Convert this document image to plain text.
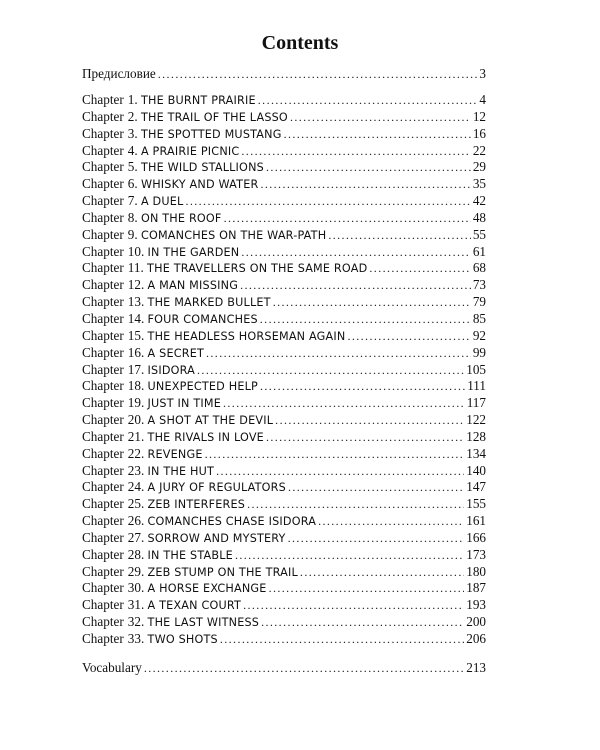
Contents
Предисловие .....	3
Chapter 1. THE BURNT PRAIRIE .....	4
Chapter 2. THE TRAIL OF THE LASSO .....	12
Chapter 3. THE SPOTTED MUSTANG .....	16
Chapter 4. A PRAIRIE PICNIC .....	22
Chapter 5. THE WILD STALLIONS .....	29
Chapter 6. WHISKY AND WATER .....	35
Chapter 7. A DUEL .....	42
Chapter 8. ON THE ROOF .....	48
Chapter 9. COMANCHES ON THE WAR-PATH .....	55
Chapter 10. IN THE GARDEN .....	61
Chapter 11. THE TRAVELLERS ON THE SAME ROAD .....	68
Chapter 12. A MAN MISSING .....	73
Chapter 13. THE MARKED BULLET .....	79
Chapter 14. FOUR COMANCHES .....	85
Chapter 15. THE HEADLESS HORSEMAN AGAIN .....	92
Chapter 16. A SECRET .....	99
Chapter 17. ISIDORA .....	105
Chapter 18. UNEXPECTED HELP .....	111
Chapter 19. JUST IN TIME .....	117
Chapter 20. A SHOT AT THE DEVIL .....	122
Chapter 21. THE RIVALS IN LOVE .....	128
Chapter 22. REVENGE .....	134
Chapter 23. IN THE HUT .....	140
Chapter 24. A JURY OF REGULATORS .....	147
Chapter 25. ZEB INTERFERES .....	155
Chapter 26. COMANCHES CHASE ISIDORA .....	161
Chapter 27. SORROW AND MYSTERY .....	166
Chapter 28. IN THE STABLE .....	173
Chapter 29. ZEB STUMP ON THE TRAIL .....	180
Chapter 30. A HORSE EXCHANGE .....	187
Chapter 31. A TEXAN COURT .....	193
Chapter 32. THE LAST WITNESS .....	200
Chapter 33. TWO SHOTS .....	206
Vocabulary .....	213
